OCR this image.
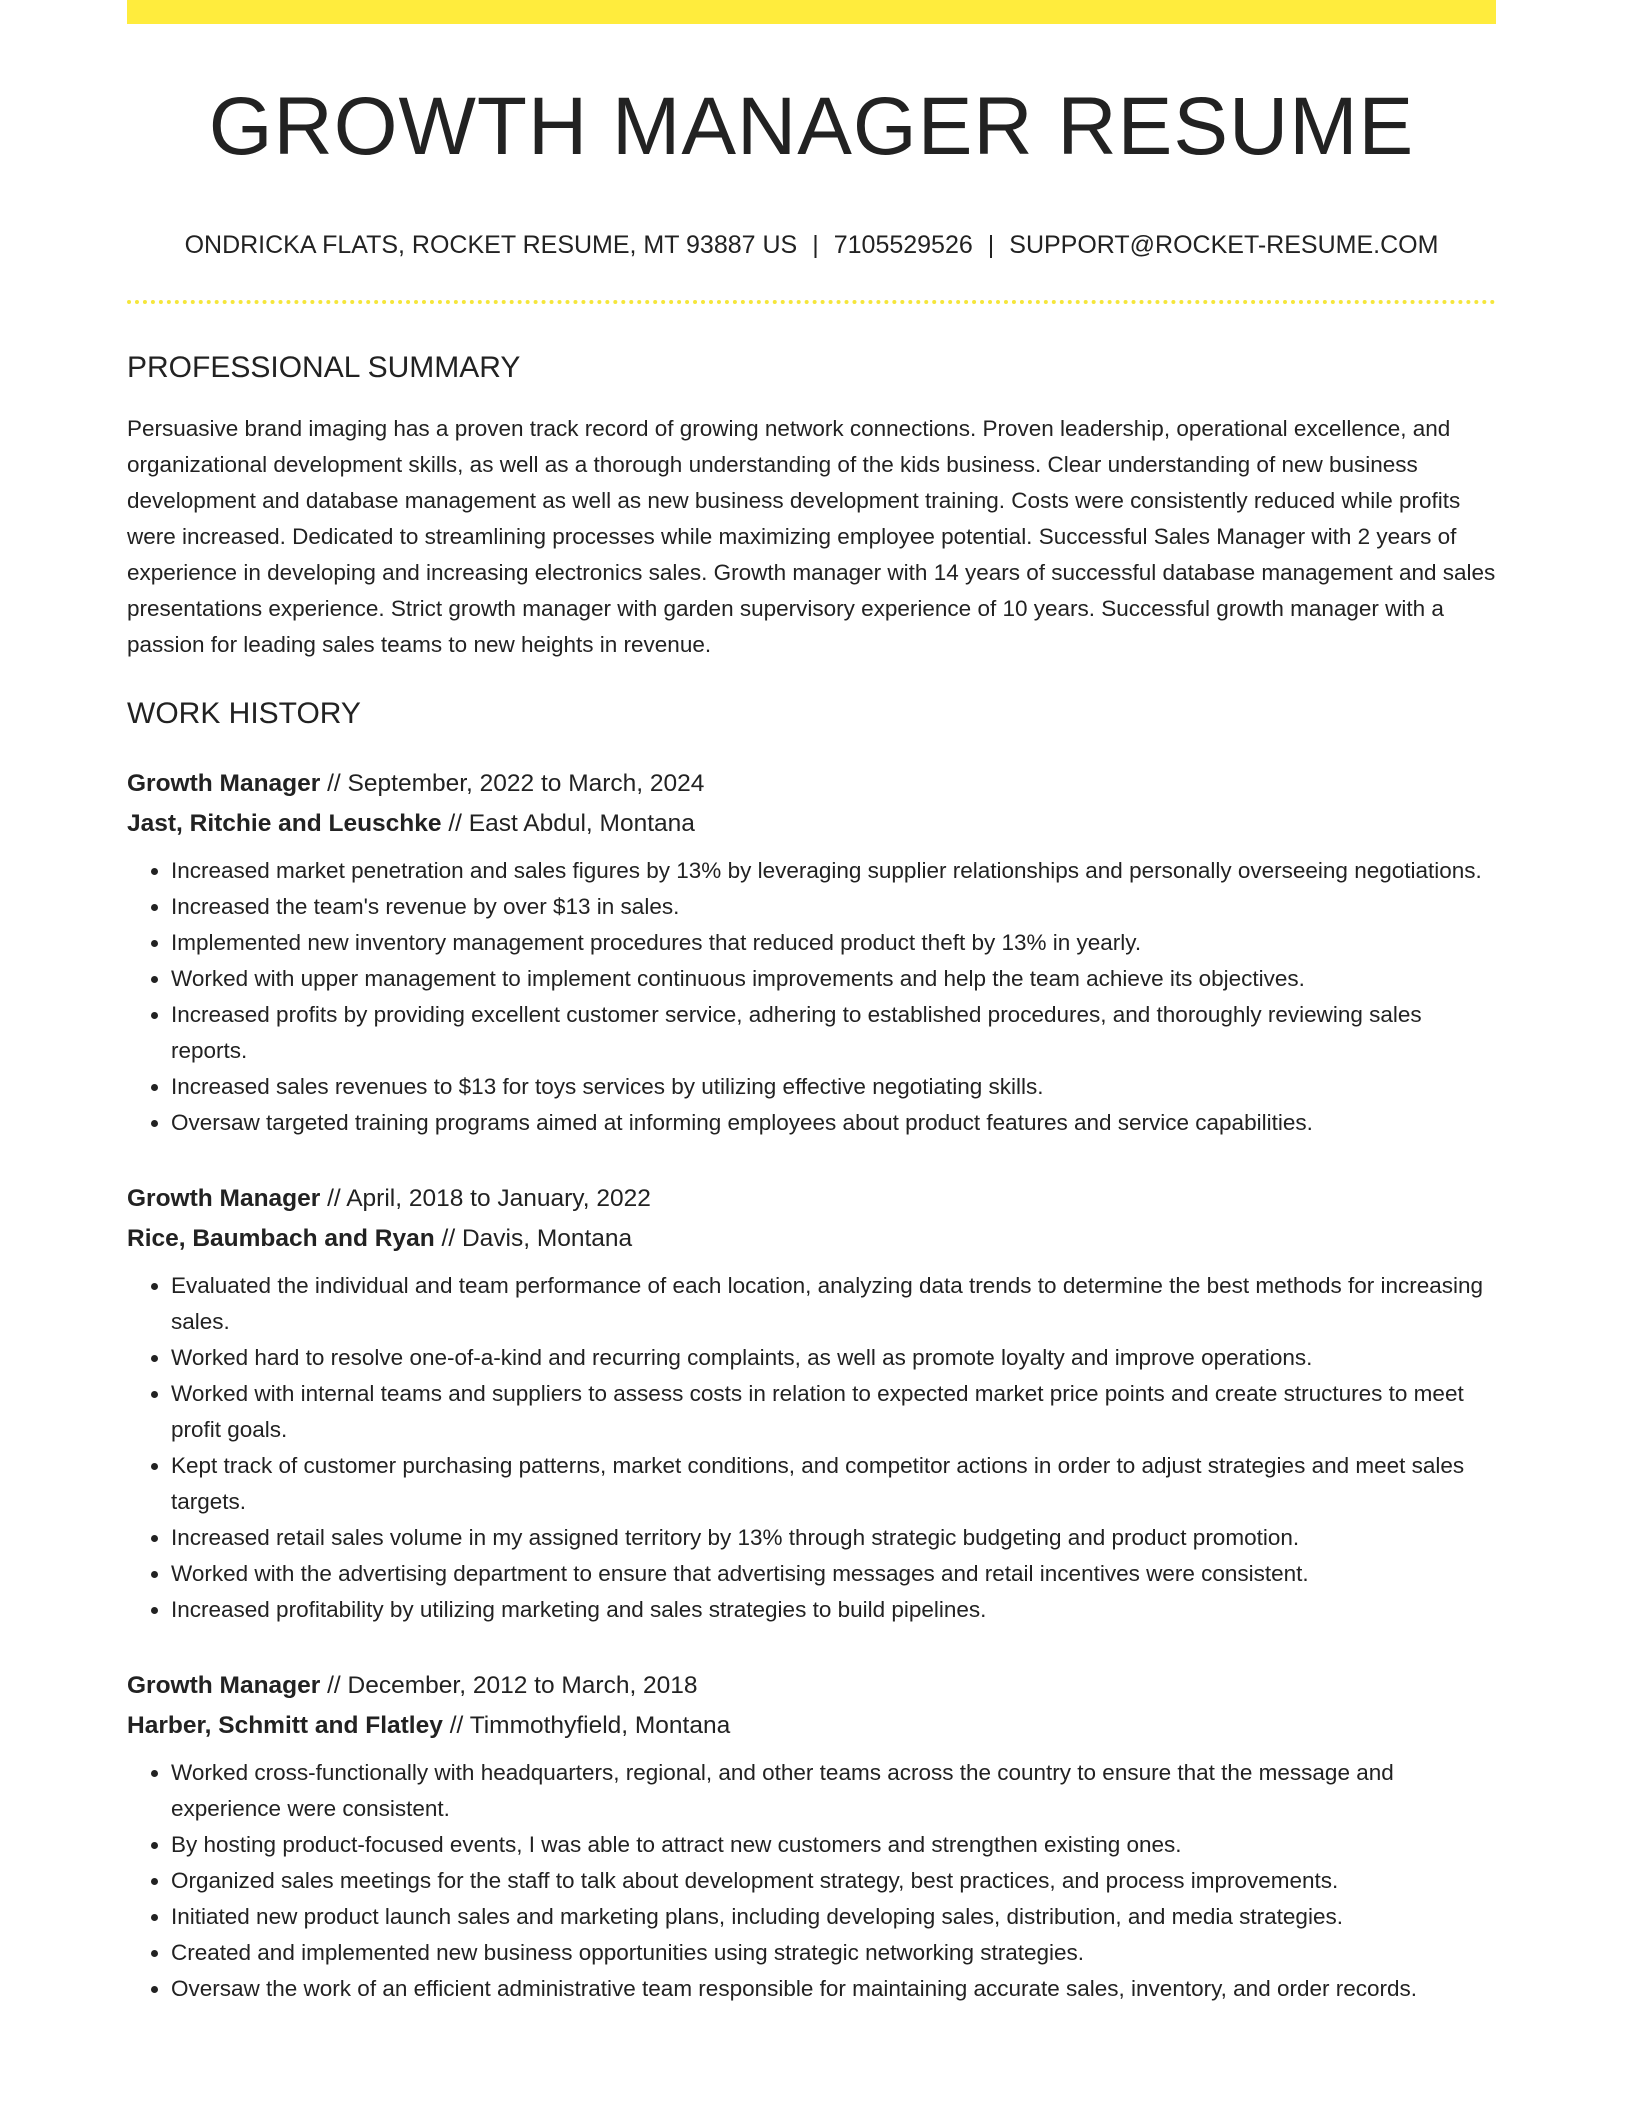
GROWTH MANAGER RESUME
ONDRICKA FLATS, ROCKET RESUME, MT 93887 US | 7105529526 | SUPPORT@ROCKET-RESUME.COM
PROFESSIONAL SUMMARY

Persuasive brand imaging has a proven track record of growing network connections. Proven leadership, operational excellence, and organizational development skills, as well as a thorough understanding of the kids business. Clear understanding of new business development and database management as well as new business development training. Costs were consistently reduced while profits were increased. Dedicated to streamlining processes while maximizing employee potential. Successful Sales Manager with 2 years of experience in developing and increasing electronics sales. Growth manager with 14 years of successful database management and sales presentations experience. Strict growth manager with garden supervisory experience of 10 years. Successful growth manager with a passion for leading sales teams to new heights in revenue.

WORK HISTORY
Growth Manager // September, 2022 to March, 2024
Jast, Ritchie and Leuschke // East Abdul, Montana
• Increased market penetration and sales figures by 13% by leveraging supplier relationships and personally overseeing negotiations.
• Increased the team's revenue by over $13 in sales.
• Implemented new inventory management procedures that reduced product theft by 13% in yearly.
• Worked with upper management to implement continuous improvements and help the team achieve its objectives.
• Increased profits by providing excellent customer service, adhering to established procedures, and thoroughly reviewing sales reports.
• Increased sales revenues to $13 for toys services by utilizing effective negotiating skills.
• Oversaw targeted training programs aimed at informing employees about product features and service capabilities.
Growth Manager // April, 2018 to January, 2022
Rice, Baumbach and Ryan // Davis, Montana
• Evaluated the individual and team performance of each location, analyzing data trends to determine the best methods for increasing sales.
• Worked hard to resolve one-of-a-kind and recurring complaints, as well as promote loyalty and improve operations.
• Worked with internal teams and suppliers to assess costs in relation to expected market price points and create structures to meet profit goals.
• Kept track of customer purchasing patterns, market conditions, and competitor actions in order to adjust strategies and meet sales targets.
• Increased retail sales volume in my assigned territory by 13% through strategic budgeting and product promotion.
• Worked with the advertising department to ensure that advertising messages and retail incentives were consistent.
• Increased profitability by utilizing marketing and sales strategies to build pipelines.
Growth Manager // December, 2012 to March, 2018
Harber, Schmitt and Flatley // Timmothyfield, Montana
• Worked cross-functionally with headquarters, regional, and other teams across the country to ensure that the message and experience were consistent.
• By hosting product-focused events, I was able to attract new customers and strengthen existing ones.
• Organized sales meetings for the staff to talk about development strategy, best practices, and process improvements.
• Initiated new product launch sales and marketing plans, including developing sales, distribution, and media strategies.
• Created and implemented new business opportunities using strategic networking strategies.
• Oversaw the work of an efficient administrative team responsible for maintaining accurate sales, inventory, and order records.
